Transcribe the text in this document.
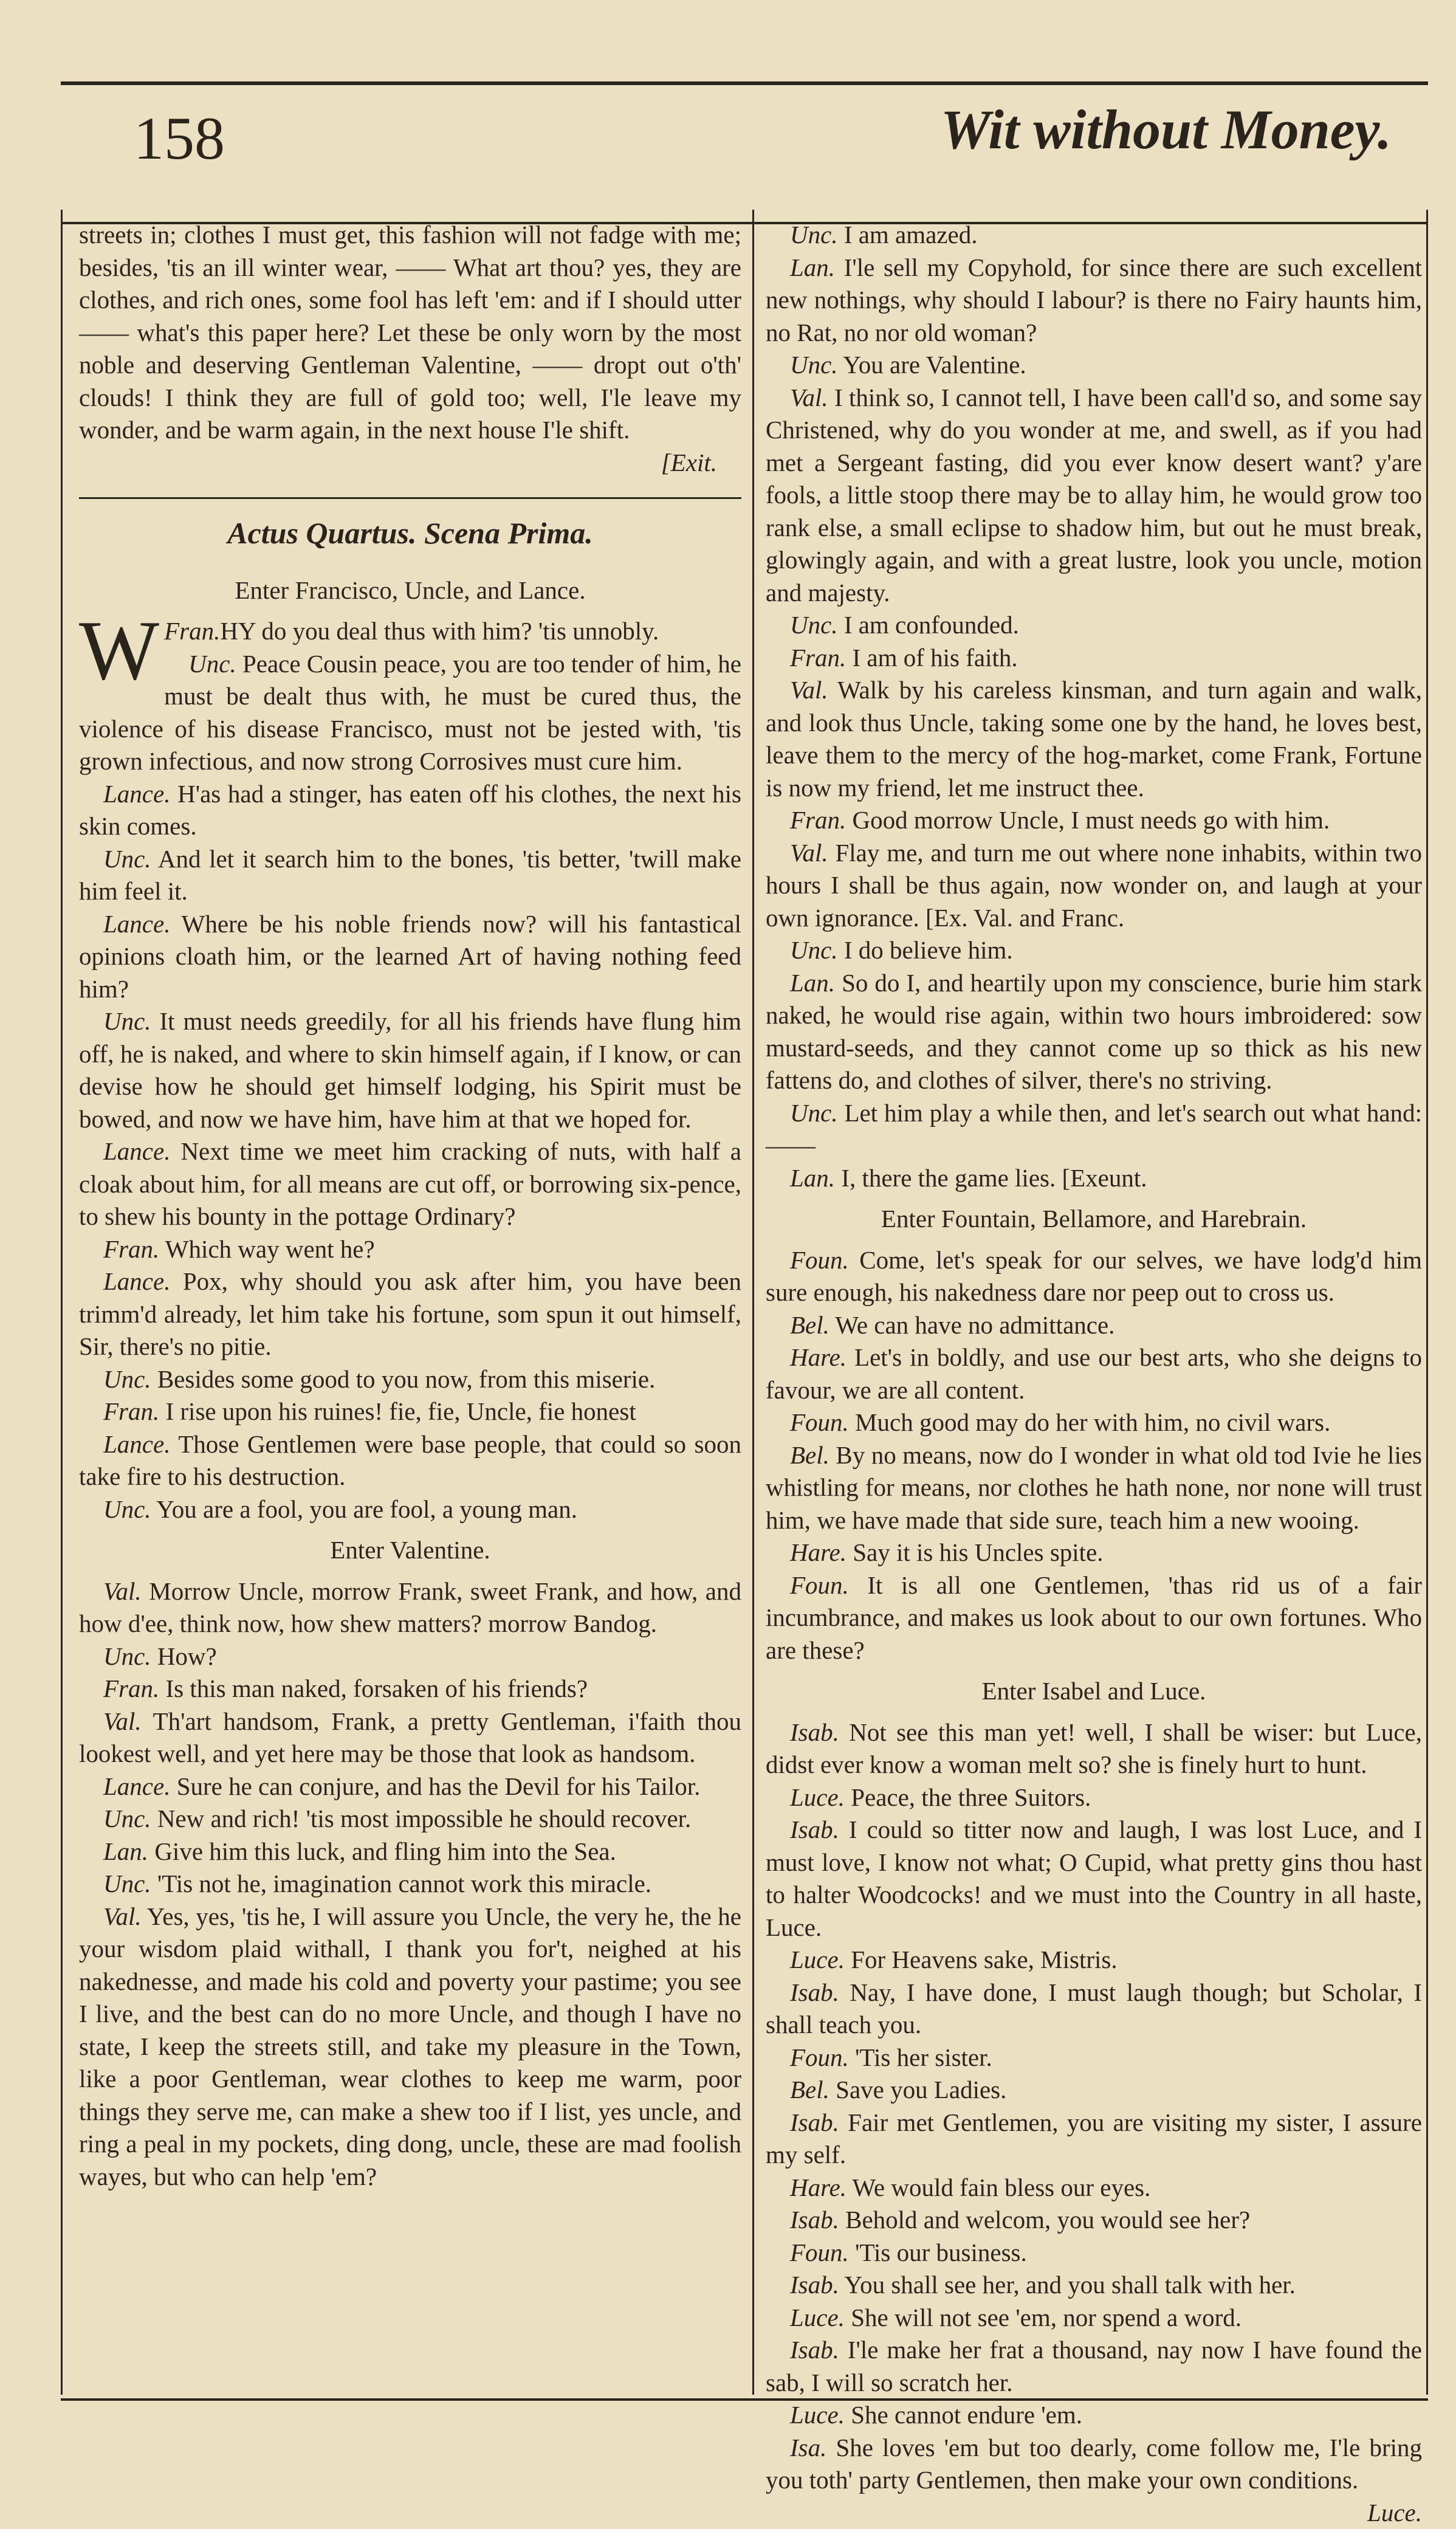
158	Wit without Money.

streets in; clothes I must get, this fashion will not fadge with me; besides, 'tis an ill winter wear, —— What art thou? yes, they are clothes, and rich ones, some fool has left 'em: and if I should utter —— what's this paper here? Let these be only worn by the most noble and deserving Gentleman Valentine, —— dropt out o'th' clouds! I think they are full of gold too; well, I'le leave my wonder, and be warm again, in the next house I'le shift.

[Exit.

Actus Quartus. Scena Prima.

Enter Francisco, Uncle, and Lance.

Fran.
W HY do you deal thus with him? 'tis unnobly.

Unc. Peace Cousin peace, you are too tender of him, he must be dealt thus with, he must be cured thus, the violence of his disease Francisco, must not be jested with, 'tis grown infectious, and now strong Corrosives must cure him.

Lance. H'as had a stinger, has eaten off his clothes, the next his skin comes.

Unc. And let it search him to the bones, 'tis better, 'twill make him feel it.

Lance. Where be his noble friends now? will his fantastical opinions cloath him, or the learned Art of having nothing feed him?

Unc. It must needs greedily, for all his friends have flung him off, he is naked, and where to skin himself again, if I know, or can devise how he should get himself lodging, his Spirit must be bowed, and now we have him, have him at that we hoped for.

Lance. Next time we meet him cracking of nuts, with half a cloak about him, for all means are cut off, or borrowing six-pence, to shew his bounty in the pottage Ordinary?

Fran. Which way went he?

Lance. Pox, why should you ask after him, you have been trimm'd already, let him take his fortune, som spun it out himself, Sir, there's no pitie.

Unc. Besides some good to you now, from this miserie.

Fran. I rise upon his ruines! fie, fie, Uncle, fie honest

Lance. Those Gentlemen were base people, that could so soon take fire to his destruction.

Unc. You are a fool, you are fool, a young man.

Enter Valentine.

Val. Morrow Uncle, morrow Frank, sweet Frank, and how, and how d'ee, think now, how shew matters? morrow Bandog.

Unc. How?

Fran. Is this man naked, forsaken of his friends?

Val. Th'art handsom, Frank, a pretty Gentleman, i'faith thou lookest well, and yet here may be those that look as handsom.

Lance. Sure he can conjure, and has the Devil for his Tailor.

Unc. New and rich! 'tis most impossible he should recover.

Lan. Give him this luck, and fling him into the Sea.

Unc. 'Tis not he, imagination cannot work this miracle.

Val. Yes, yes, 'tis he, I will assure you Uncle, the very he, the he your wisdom plaid withall, I thank you for't, neighed at his nakednesse, and made his cold and poverty your pastime; you see I live, and the best can do no more Uncle, and though I have no state, I keep the streets still, and take my pleasure in the Town, like a poor Gentleman, wear clothes to keep me warm, poor things they serve me, can make a shew too if I list, yes uncle, and ring a peal in my pockets, ding dong, uncle, these are mad foolish wayes, but who can help 'em?

Unc. I am amazed.

Lan. I'le sell my Copyhold, for since there are such excellent new nothings, why should I labour? is there no Fairy haunts him, no Rat, no nor old woman?

Unc. You are Valentine.

Val. I think so, I cannot tell, I have been call'd so, and some say Christened, why do you wonder at me, and swell, as if you had met a Sergeant fasting, did you ever know desert want? y'are fools, a little stoop there may be to allay him, he would grow too rank else, a small eclipse to shadow him, but out he must break, glowingly again, and with a great lustre, look you uncle, motion and majesty.

Unc. I am confounded.

Fran. I am of his faith.

Val. Walk by his careless kinsman, and turn again and walk, and look thus Uncle, taking some one by the hand, he loves best, leave them to the mercy of the hog-market, come Frank, Fortune is now my friend, let me instruct thee.

Fran. Good morrow Uncle, I must needs go with him.

Val. Flay me, and turn me out where none inhabits, within two hours I shall be thus again, now wonder on, and laugh at your own ignorance. [Ex. Val. and Franc.

Unc. I do believe him.

Lan. So do I, and heartily upon my conscience, burie him stark naked, he would rise again, within two hours imbroidered: sow mustard-seeds, and they cannot come up so thick as his new fattens do, and clothes of silver, there's no striving.

Unc. Let him play a while then, and let's search out what hand: ——

Lan. I, there the game lies. [Exeunt.

Enter Fountain, Bellamore, and Harebrain.

Foun. Come, let's speak for our selves, we have lodg'd him sure enough, his nakedness dare nor peep out to cross us.

Bel. We can have no admittance.

Hare. Let's in boldly, and use our best arts, who she deigns to favour, we are all content.

Foun. Much good may do her with him, no civil wars.

Bel. By no means, now do I wonder in what old tod Ivie he lies whistling for means, nor clothes he hath none, nor none will trust him, we have made that side sure, teach him a new wooing.

Hare. Say it is his Uncles spite.

Foun. It is all one Gentlemen, 'thas rid us of a fair incumbrance, and makes us look about to our own fortunes. Who are these?

Enter Isabel and Luce.

Isab. Not see this man yet! well, I shall be wiser: but Luce, didst ever know a woman melt so? she is finely hurt to hunt.

Luce. Peace, the three Suitors.

Isab. I could so titter now and laugh, I was lost Luce, and I must love, I know not what; O Cupid, what pretty gins thou hast to halter Woodcocks! and we must into the Country in all haste, Luce.

Luce. For Heavens sake, Mistris.

Isab. Nay, I have done, I must laugh though; but Scholar, I shall teach you.

Foun. 'Tis her sister.

Bel. Save you Ladies.

Isab. Fair met Gentlemen, you are visiting my sister, I assure my self.

Hare. We would fain bless our eyes.

Isab. Behold and welcom, you would see her?

Foun. 'Tis our business.

Isab. You shall see her, and you shall talk with her.

Luce. She will not see 'em, nor spend a word.

Isab. I'le make her frat a thousand, nay now I have found the sab, I will so scratch her.

Luce. She cannot endure 'em.

Isa. She loves 'em but too dearly, come follow me, I'le bring you toth' party Gentlemen, then make your own conditions.

Luce.
